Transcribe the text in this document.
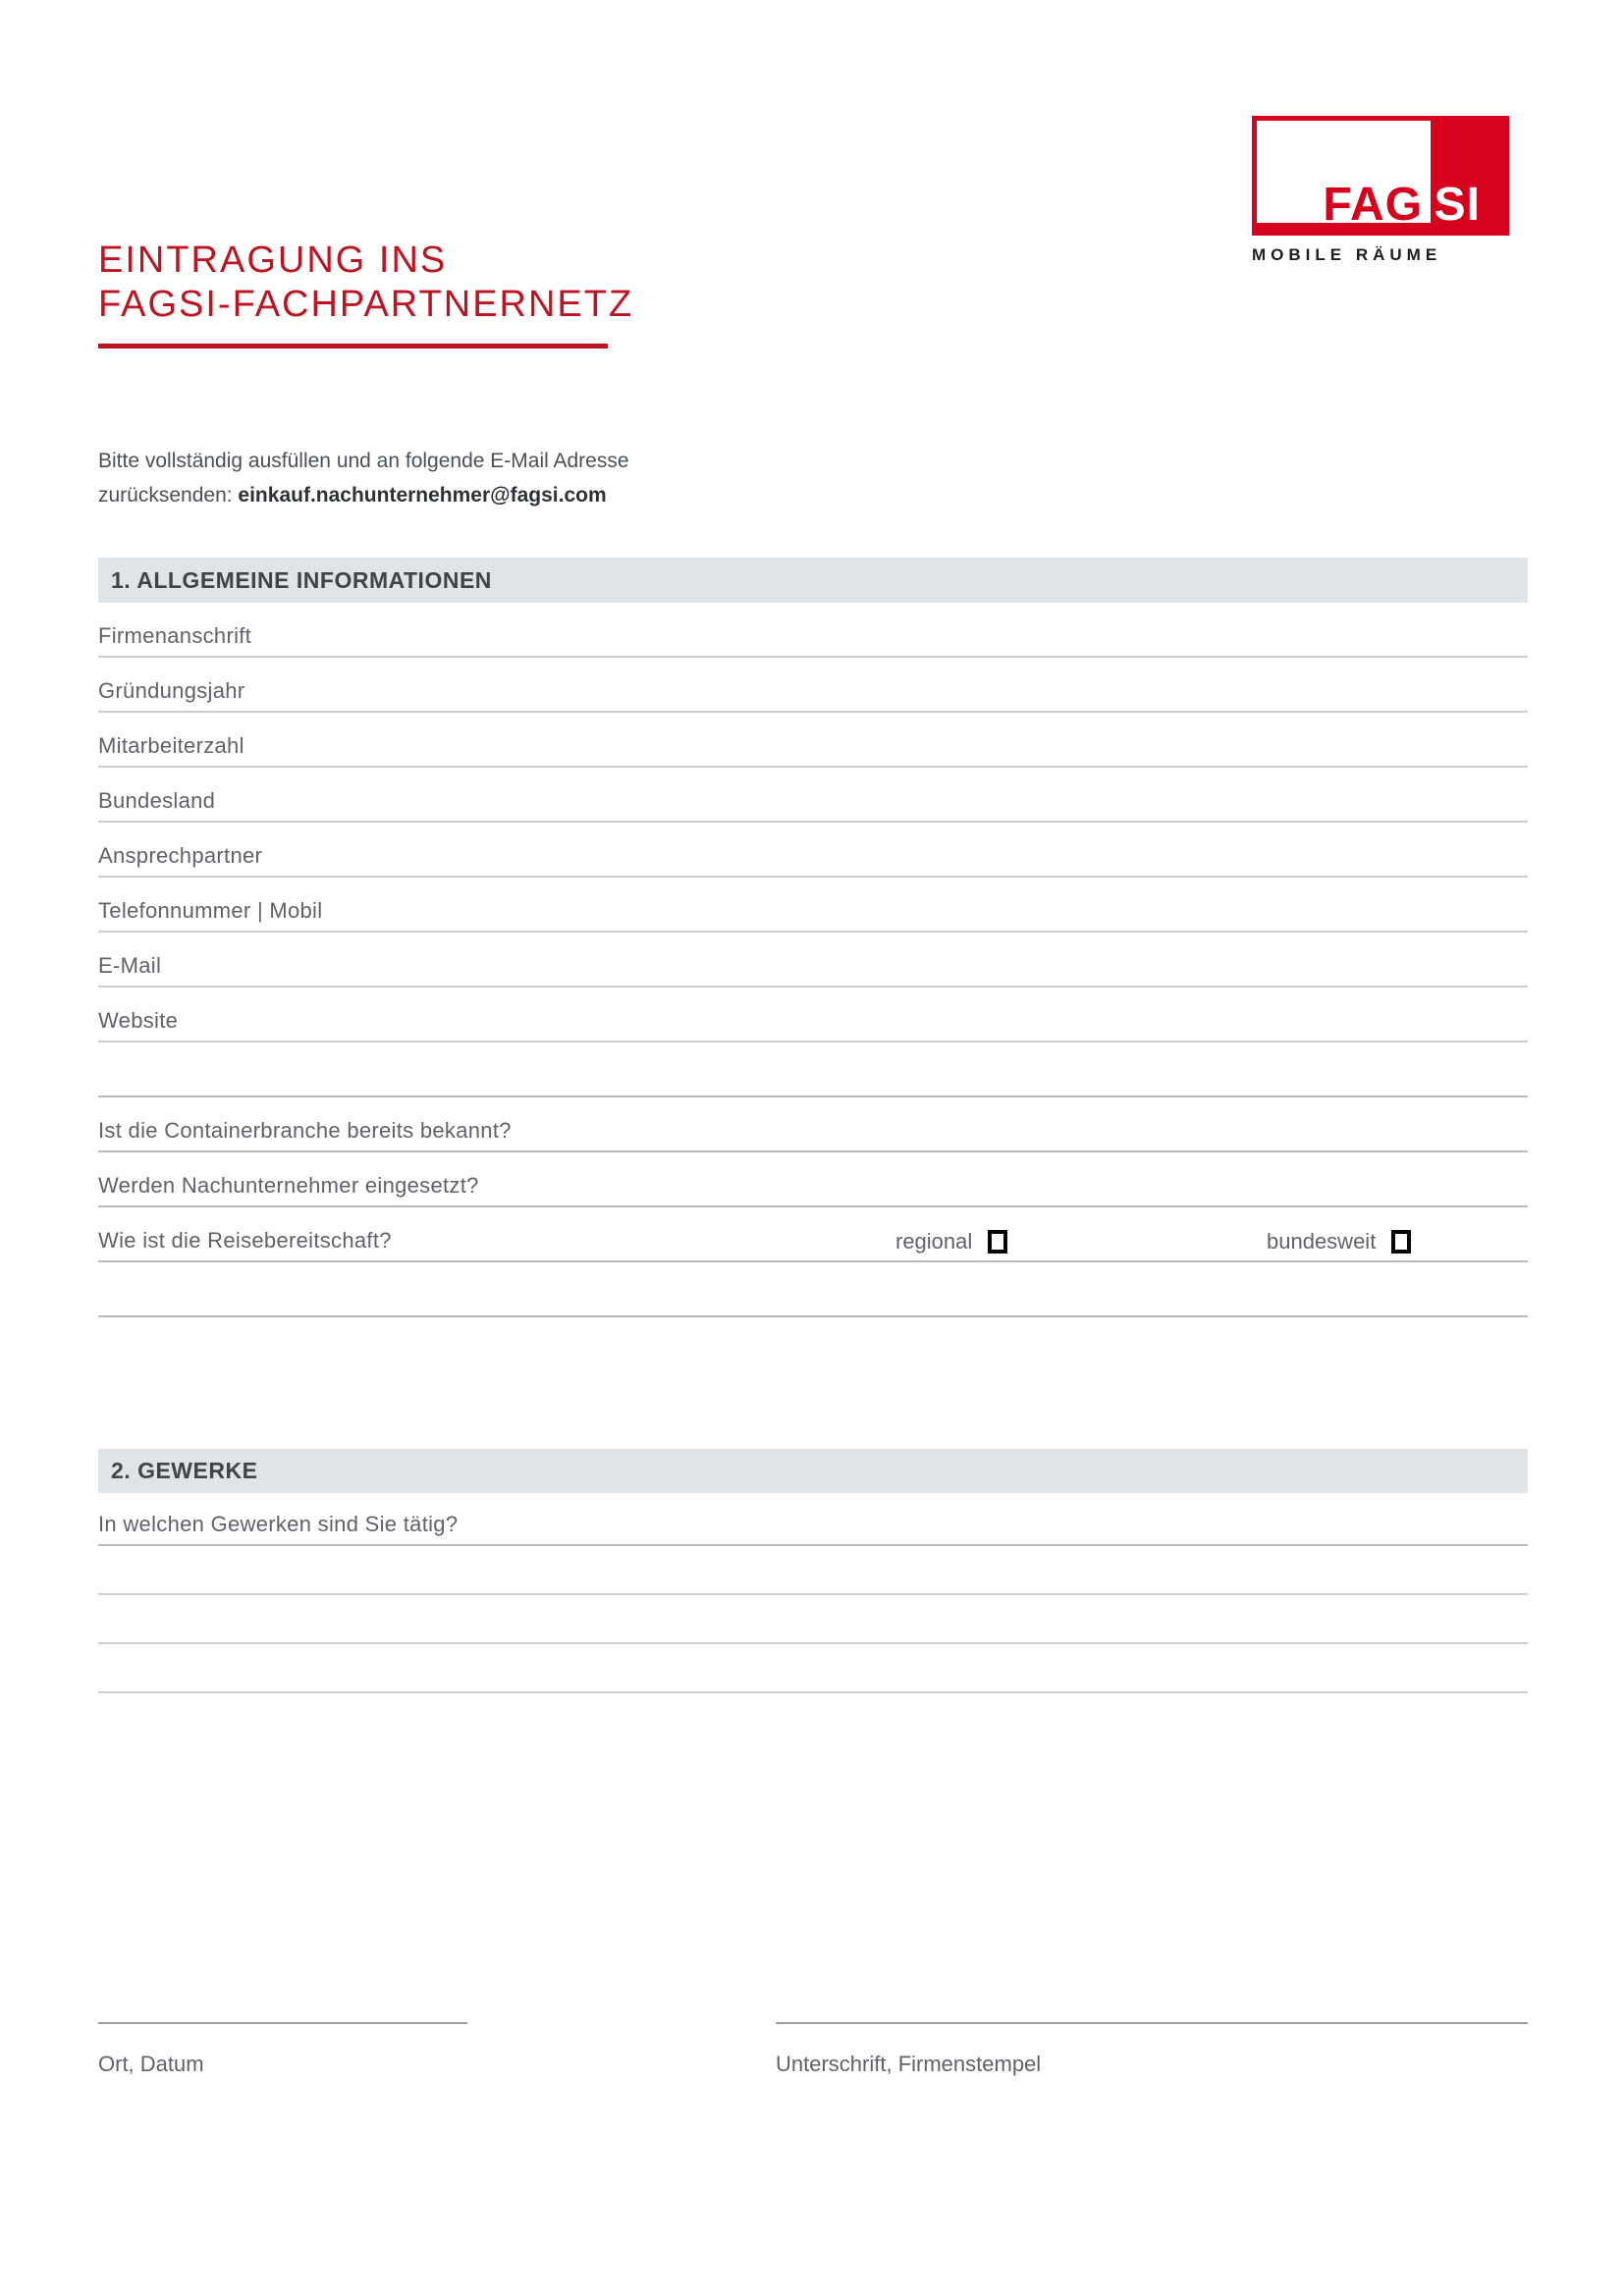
FAG SI
MOBILE RÄUME
EINTRAGUNG INS
FAGSI-FACHPARTNERNETZ
Bitte vollständig ausfüllen und an folgende E-Mail Adresse
zurücksenden: einkauf.nachunternehmer@fagsi.com
1. ALLGEMEINE INFORMATIONEN
Firmenanschrift
Gründungsjahr
Mitarbeiterzahl
Bundesland
Ansprechpartner
Telefonnummer | Mobil
E-Mail
Website
Ist die Containerbranche bereits bekannt?
Werden Nachunternehmer eingesetzt?
Wie ist die Reisebereitschaft?	regional	bundesweit
2. GEWERKE
In welchen Gewerken sind Sie tätig?
Ort, Datum	Unterschrift, Firmenstempel
